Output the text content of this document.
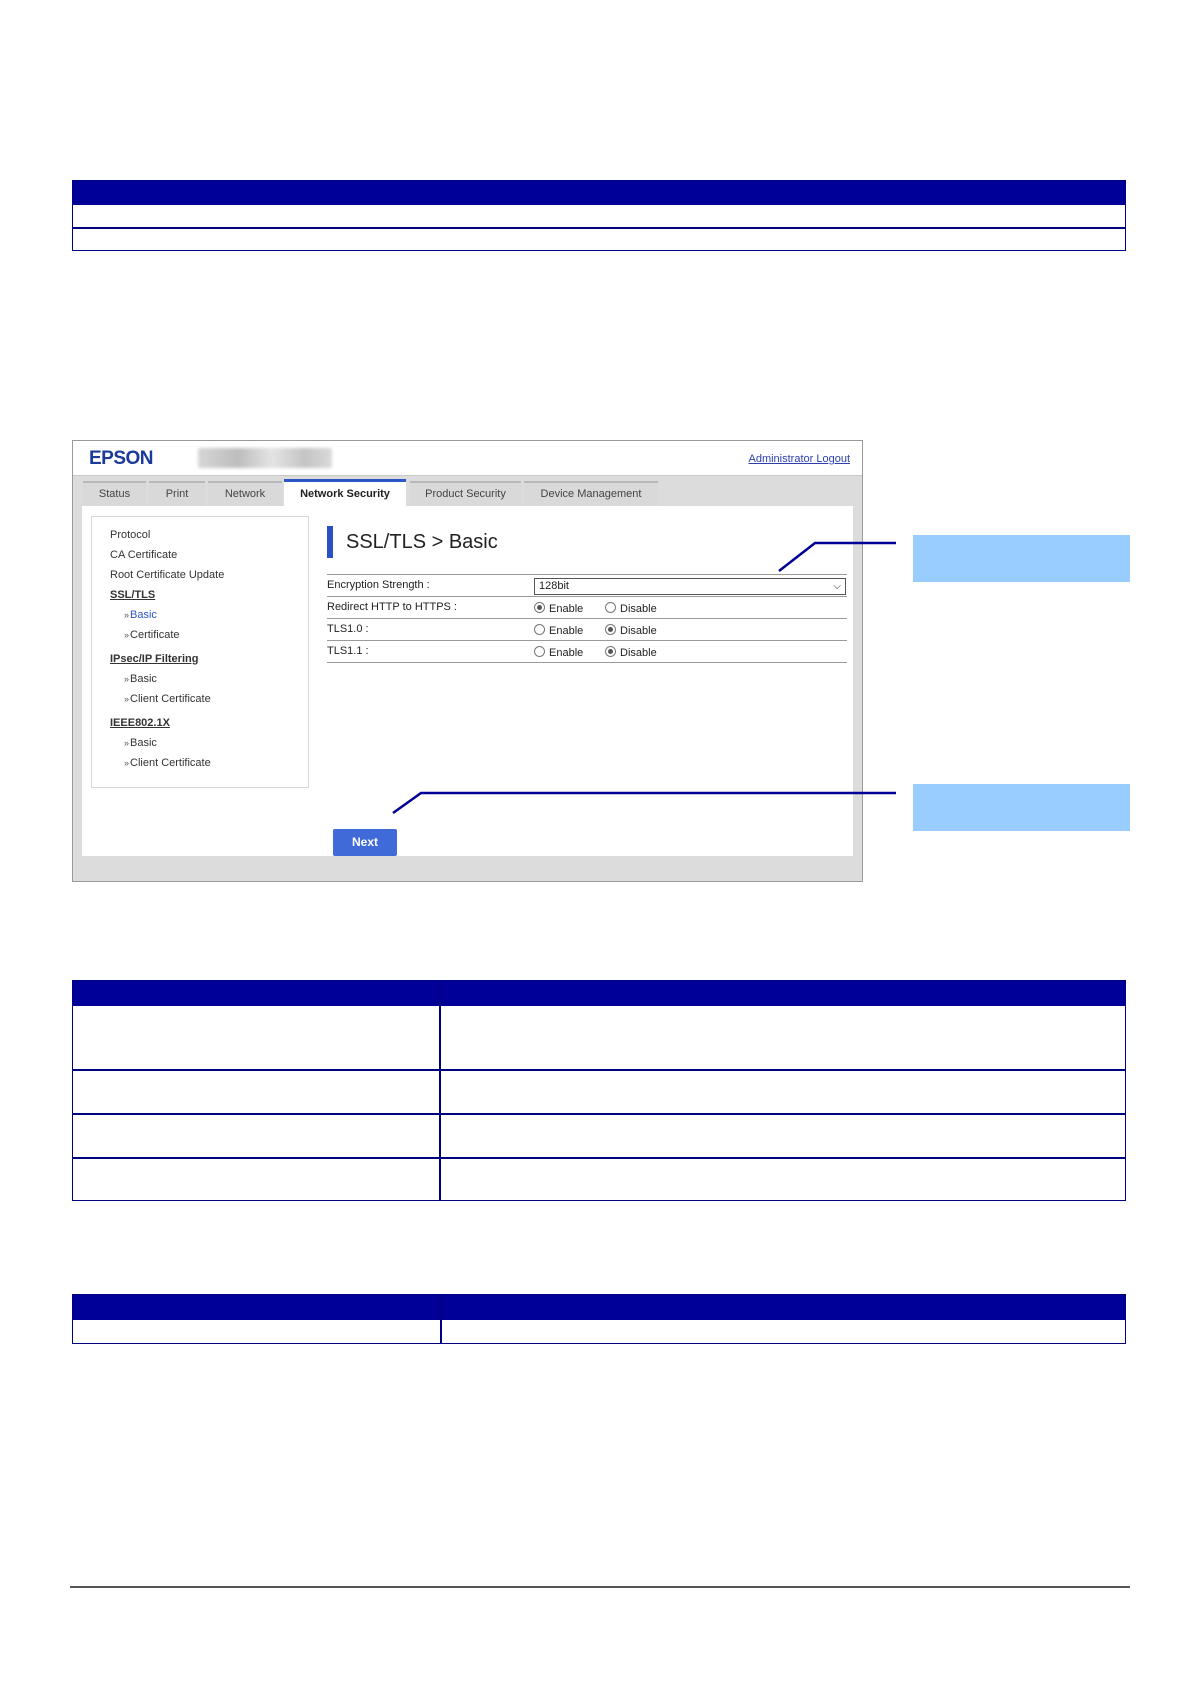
EPSON	Administrator Logout
Status	Print	Network	Network Security	Product Security	Device Management
Protocol
CA Certificate
Root Certificate Update
SSL/TLS
» Basic
» Certificate
IPsec/IP Filtering
» Basic
» Client Certificate
IEEE802.1X
» Basic
» Client Certificate
SSL/TLS > Basic
Encryption Strength :	128bit	⌵
Redirect HTTP to HTTPS :	Enable	Disable
TLS1.0 :	Enable	Disable
TLS1.1 :	Enable	Disable
Next
